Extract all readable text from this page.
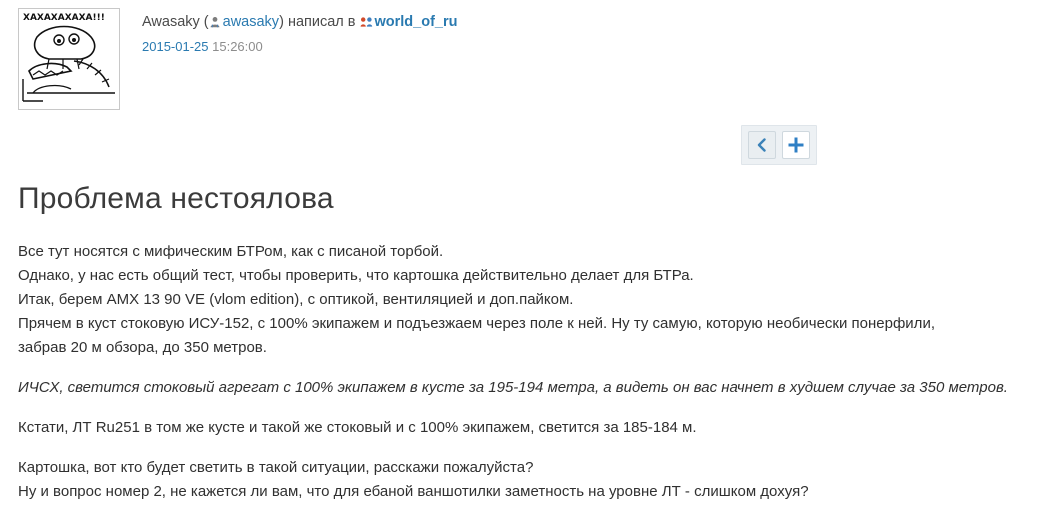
ХАХАХАХАХА!!!	Awasaky ( awasaky) написал в world_of_ru
2015-01-25 15:26:00
Проблема нестоялова

Все тут носятся с мифическим БТРом, как с писаной торбой.
Однако, у нас есть общий тест, чтобы проверить, что картошка действительно делает для БТРа.
Итак, берем AMX 13 90 VE (vlom edition), с оптикой, вентиляцией и доп.пайком.
Прячем в куст стоковую ИСУ-152, с 100% экипажем и подъезжаем через поле к ней. Ну ту самую, которую необически понерфили,
забрав 20 м обзора, до 350 метров.

ИЧСХ, светится стоковый агрегат с 100% экипажем в кусте за 195-194 метра, а видеть он вас начнет в худшем случае за 350 метров.

Кстати, ЛТ Ru251 в том же кусте и такой же стоковый и с 100% экипажем, светится за 185-184 м.

Картошка, вот кто будет светить в такой ситуации, расскажи пожалуйста?
Ну и вопрос номер 2, не кажется ли вам, что для ебаной ваншотилки заметность на уровне ЛТ - слишком дохуя?
